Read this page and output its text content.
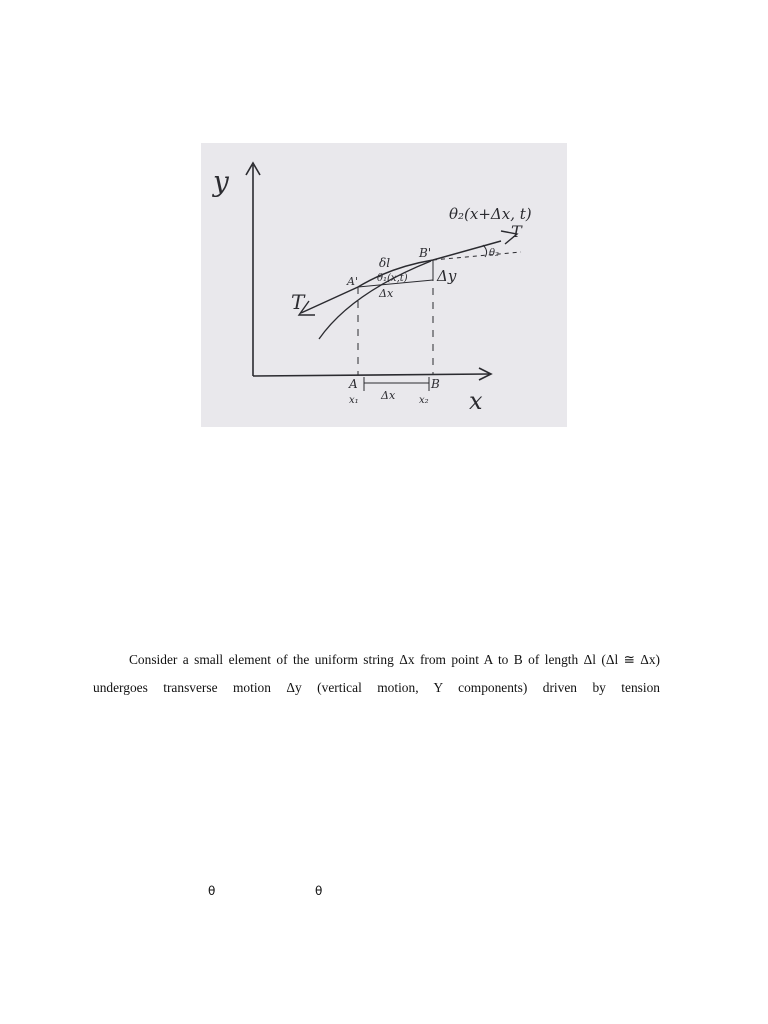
y
x
θ₂(x+Δx, t)
T
T
A'
B'
δl
θ₁(x,t)
Δx
Δy
θ₂
A	B
Δx
x₁	x₂

Consider a small element of the uniform string Δx from point A to B of length Δl (Δl ≅ Δx) undergoes transverse motion Δy (vertical motion, Y components) driven by tension

θ	θ
